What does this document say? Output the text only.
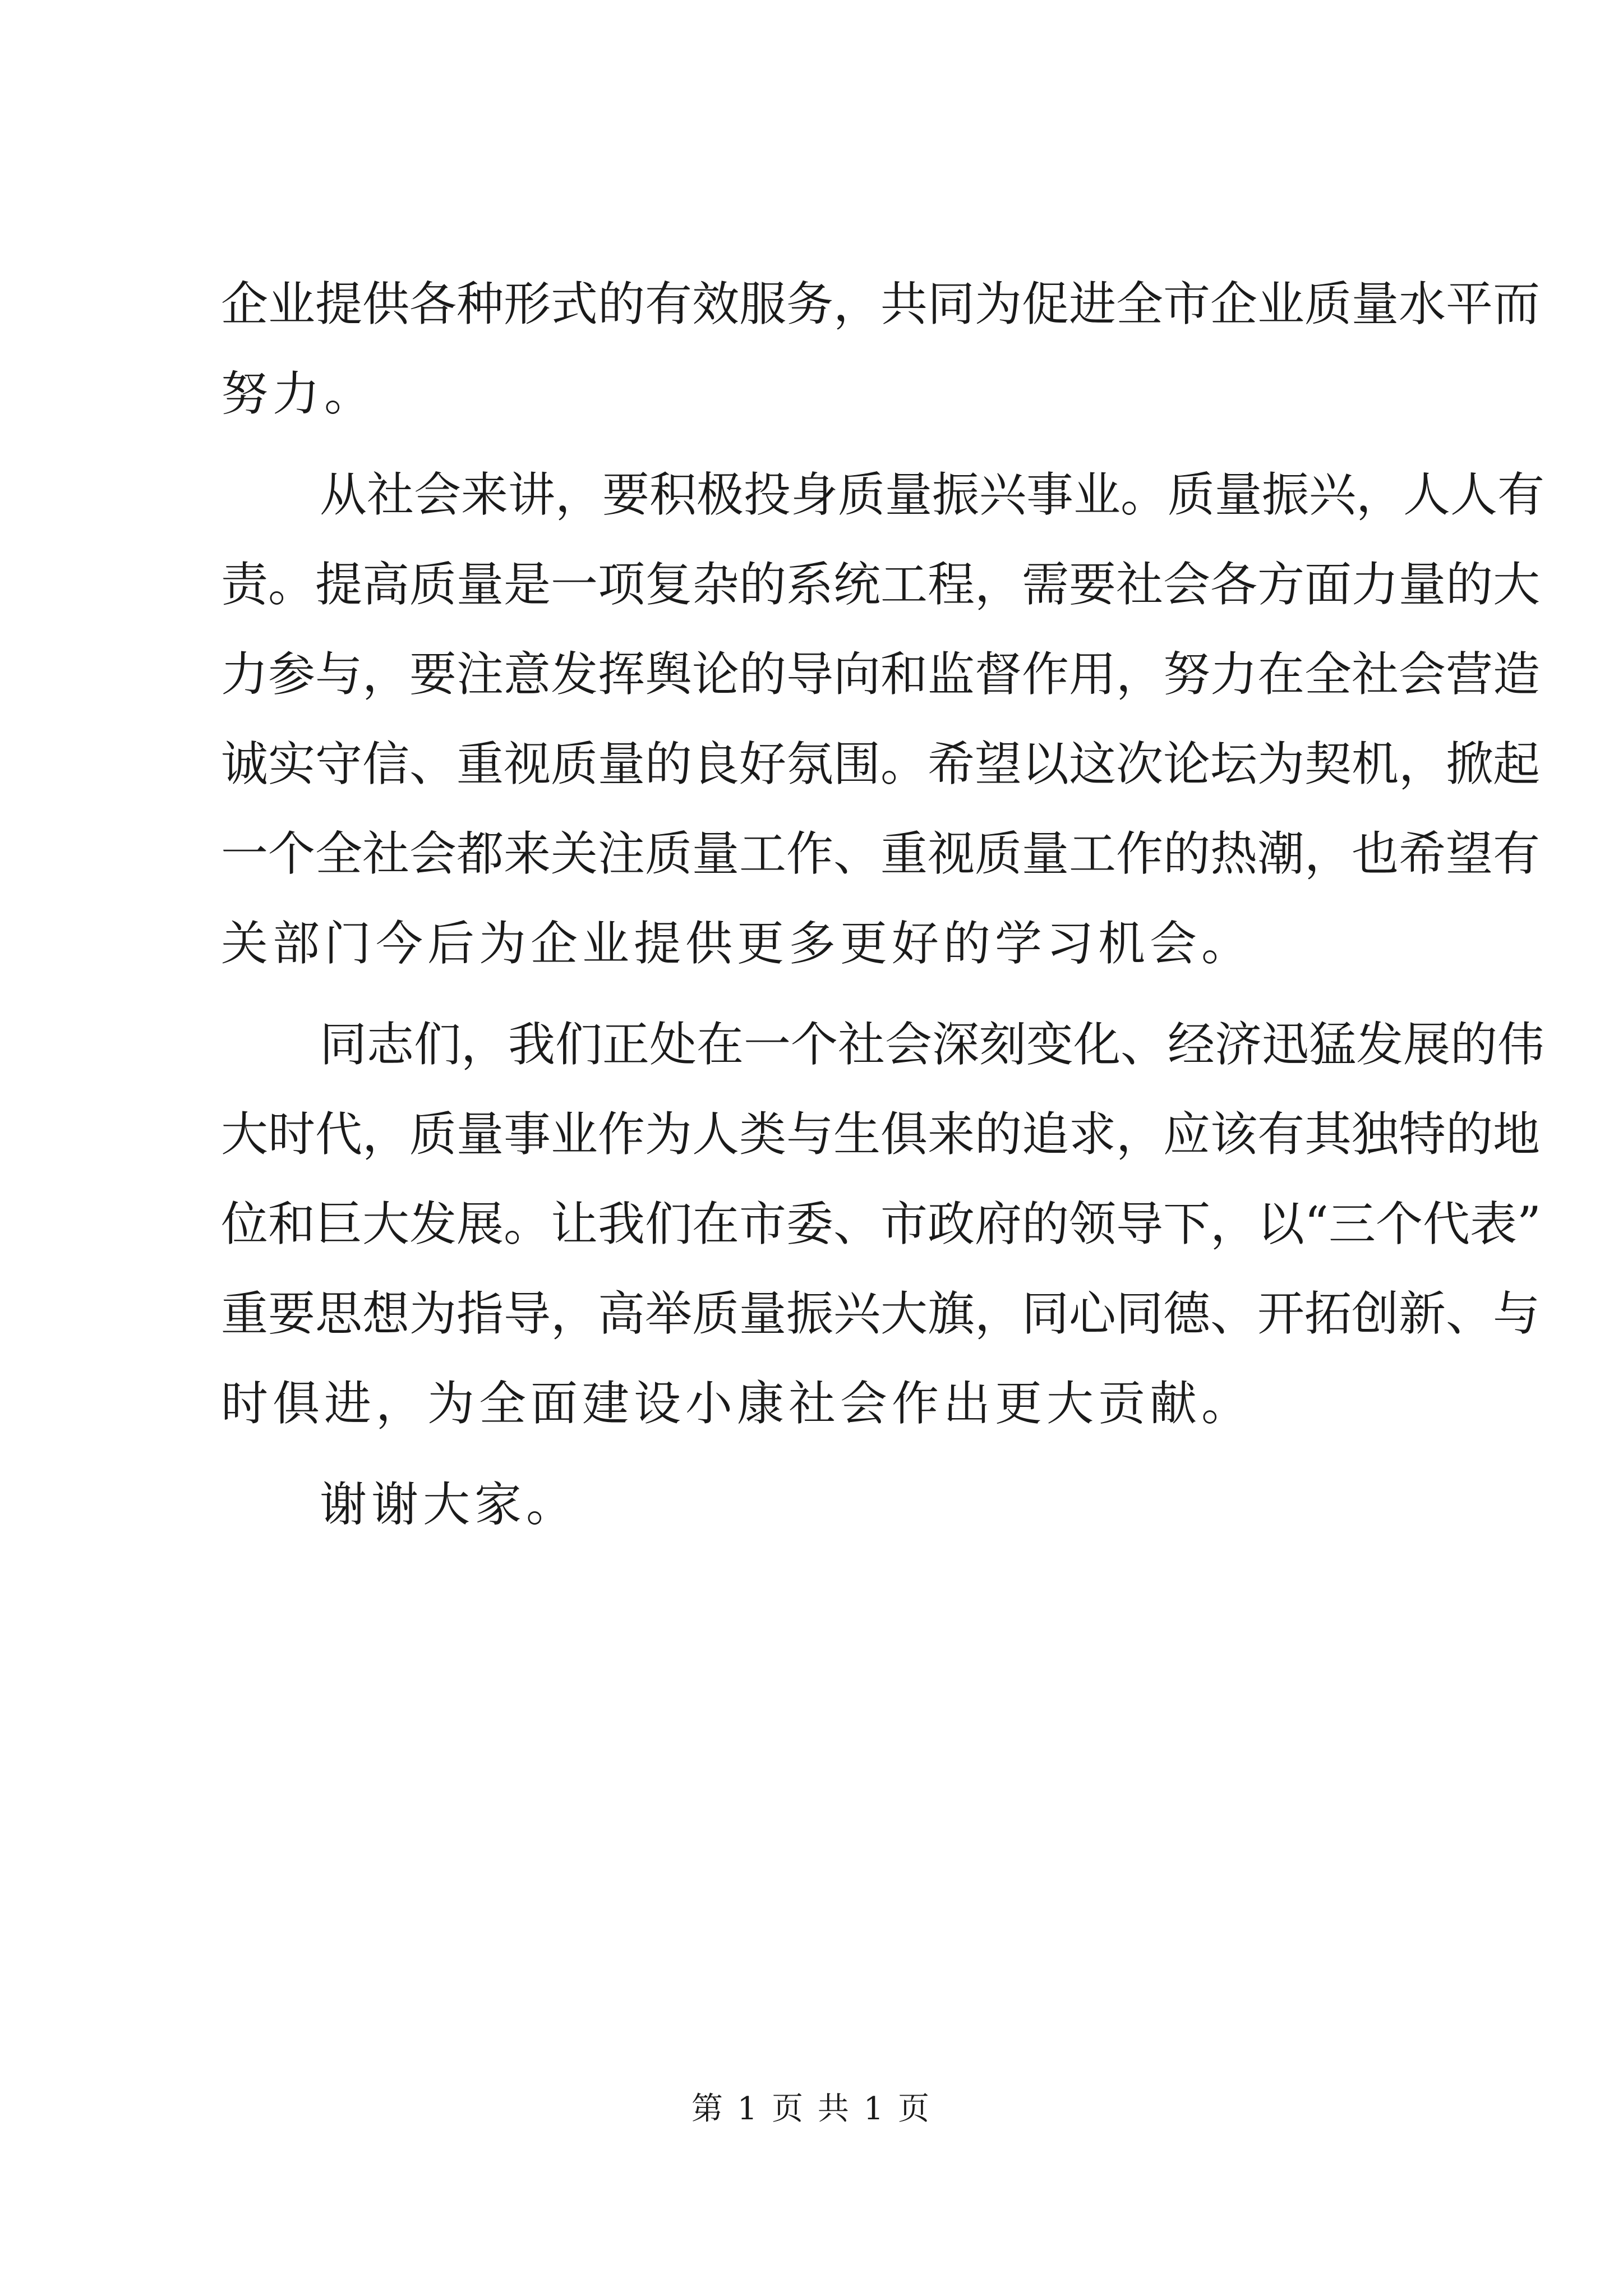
企业提供各种形式的有效服务，共同为促进全市企业质量水平而
努力。
从社会来讲，要积极投身质量振兴事业。质量振兴，人人有
责。提高质量是一项复杂的系统工程，需要社会各方面力量的大
力参与，要注意发挥舆论的导向和监督作用，努力在全社会营造
诚实守信、重视质量的良好氛围。希望以这次论坛为契机，掀起
一个全社会都来关注质量工作、重视质量工作的热潮，也希望有
关部门今后为企业提供更多更好的学习机会。
同志们，我们正处在一个社会深刻变化、经济迅猛发展的伟
大时代，质量事业作为人类与生俱来的追求，应该有其独特的地
位和巨大发展。让我们在市委、市政府的领导下，以“三个代表”
重要思想为指导，高举质量振兴大旗，同心同德、开拓创新、与
时俱进，为全面建设小康社会作出更大贡献。
谢谢大家。
第 1 页 共 1 页
